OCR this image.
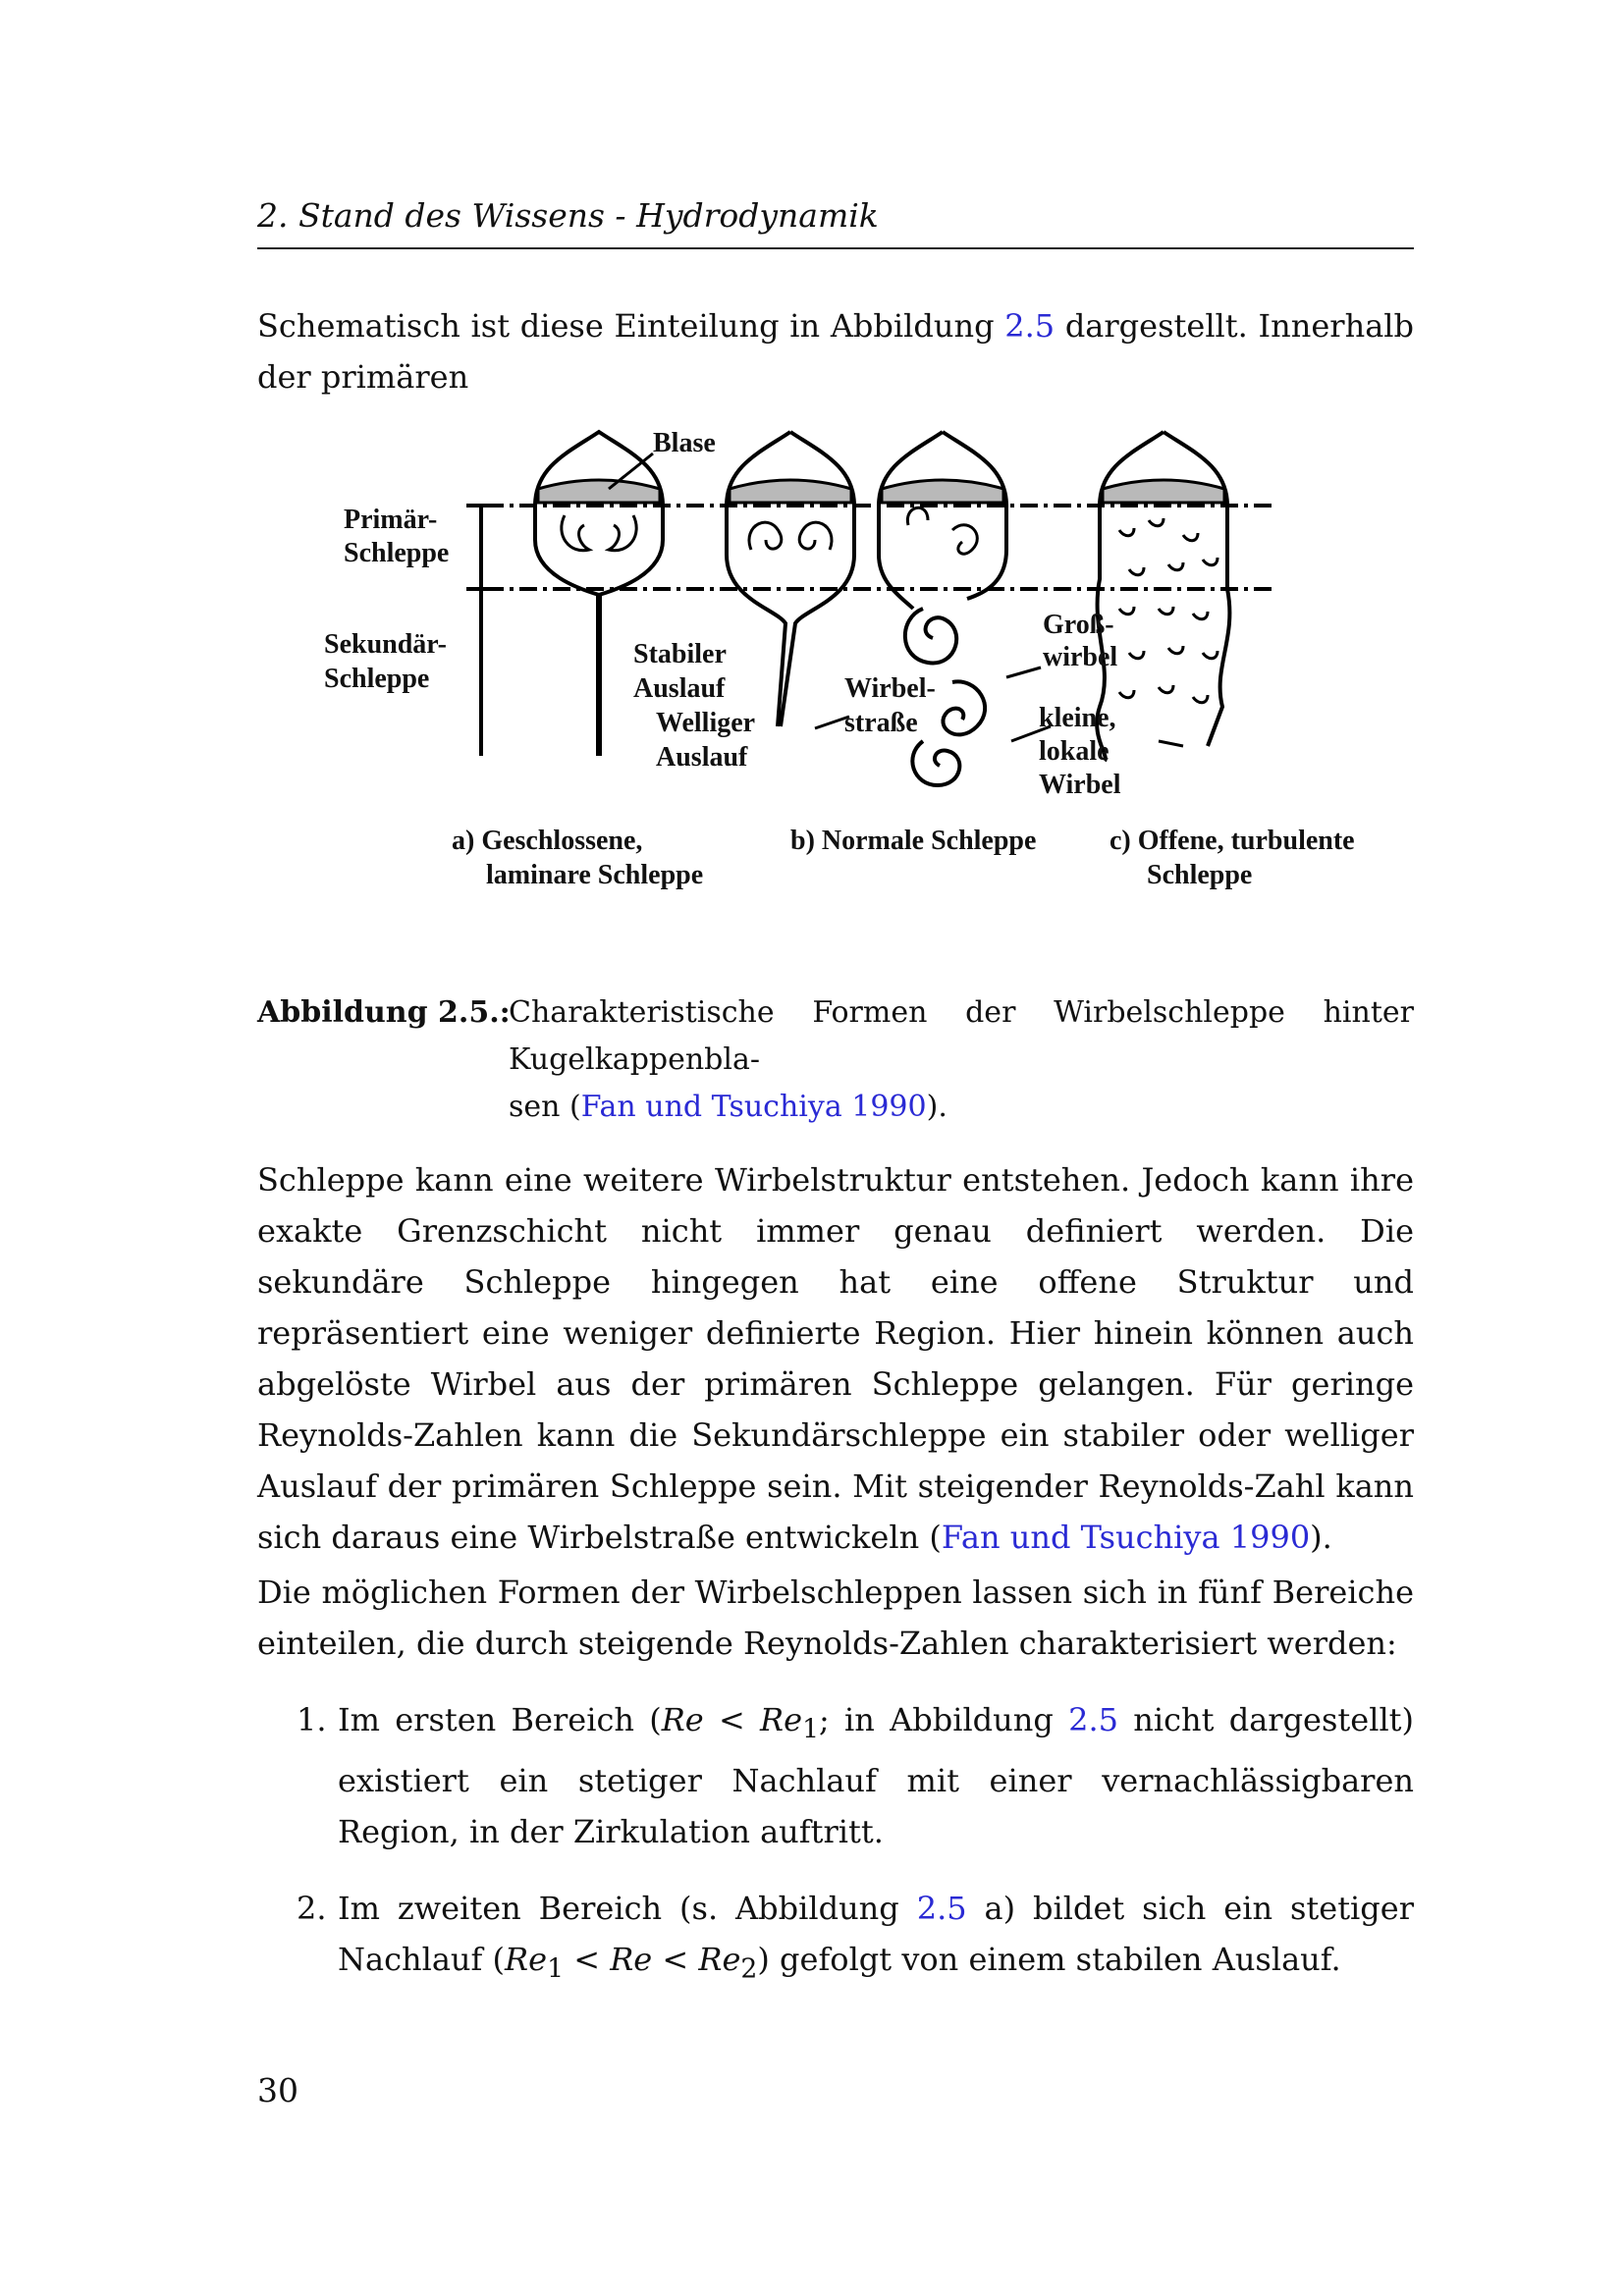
2. Stand des Wissens - Hydrodynamik
Schematisch ist diese Einteilung in Abbildung 2.5 dargestellt. Innerhalb der primären
Blase
Primär-
Schleppe
Sekundär-
Schleppe
Stabiler
Auslauf
Welliger
Auslauf
Wirbel-
straße
Groß-
wirbel
kleine,
lokale
Wirbel
a) Geschlossene,
laminare Schleppe
b) Normale Schleppe	c) Offene, turbulente
Schleppe
Abbildung 2.5.:
Charakteristische Formen der Wirbelschleppe hinter Kugelkappenbla-
sen (Fan und Tsuchiya 1990).
Schleppe kann eine weitere Wirbelstruktur entstehen. Jedoch kann ihre exakte Grenzschicht nicht immer genau definiert werden. Die sekundäre Schleppe hingegen hat eine offene Struktur und repräsentiert eine weniger definierte Region. Hier hinein können auch abgelöste Wirbel aus der primären Schleppe gelangen. Für geringe Reynolds-Zahlen kann die Sekundärschleppe ein stabiler oder welliger Auslauf der primären Schleppe sein. Mit steigender Reynolds-Zahl kann sich daraus eine Wirbelstraße entwickeln (Fan und Tsuchiya 1990).
Die möglichen Formen der Wirbelschleppen lassen sich in fünf Bereiche einteilen, die durch steigende Reynolds-Zahlen charakterisiert werden:
1. Im ersten Bereich ($Re < Re_1$; in Abbildung 2.5 nicht dargestellt) existiert ein stetiger Nachlauf mit einer vernachlässigbaren Region, in der Zirkulation auftritt.
2. Im zweiten Bereich (s. Abbildung 2.5 a) bildet sich ein stetiger Nachlauf $(Re_1 < Re < Re_2)$ gefolgt von einem stabilen Auslauf.
30
